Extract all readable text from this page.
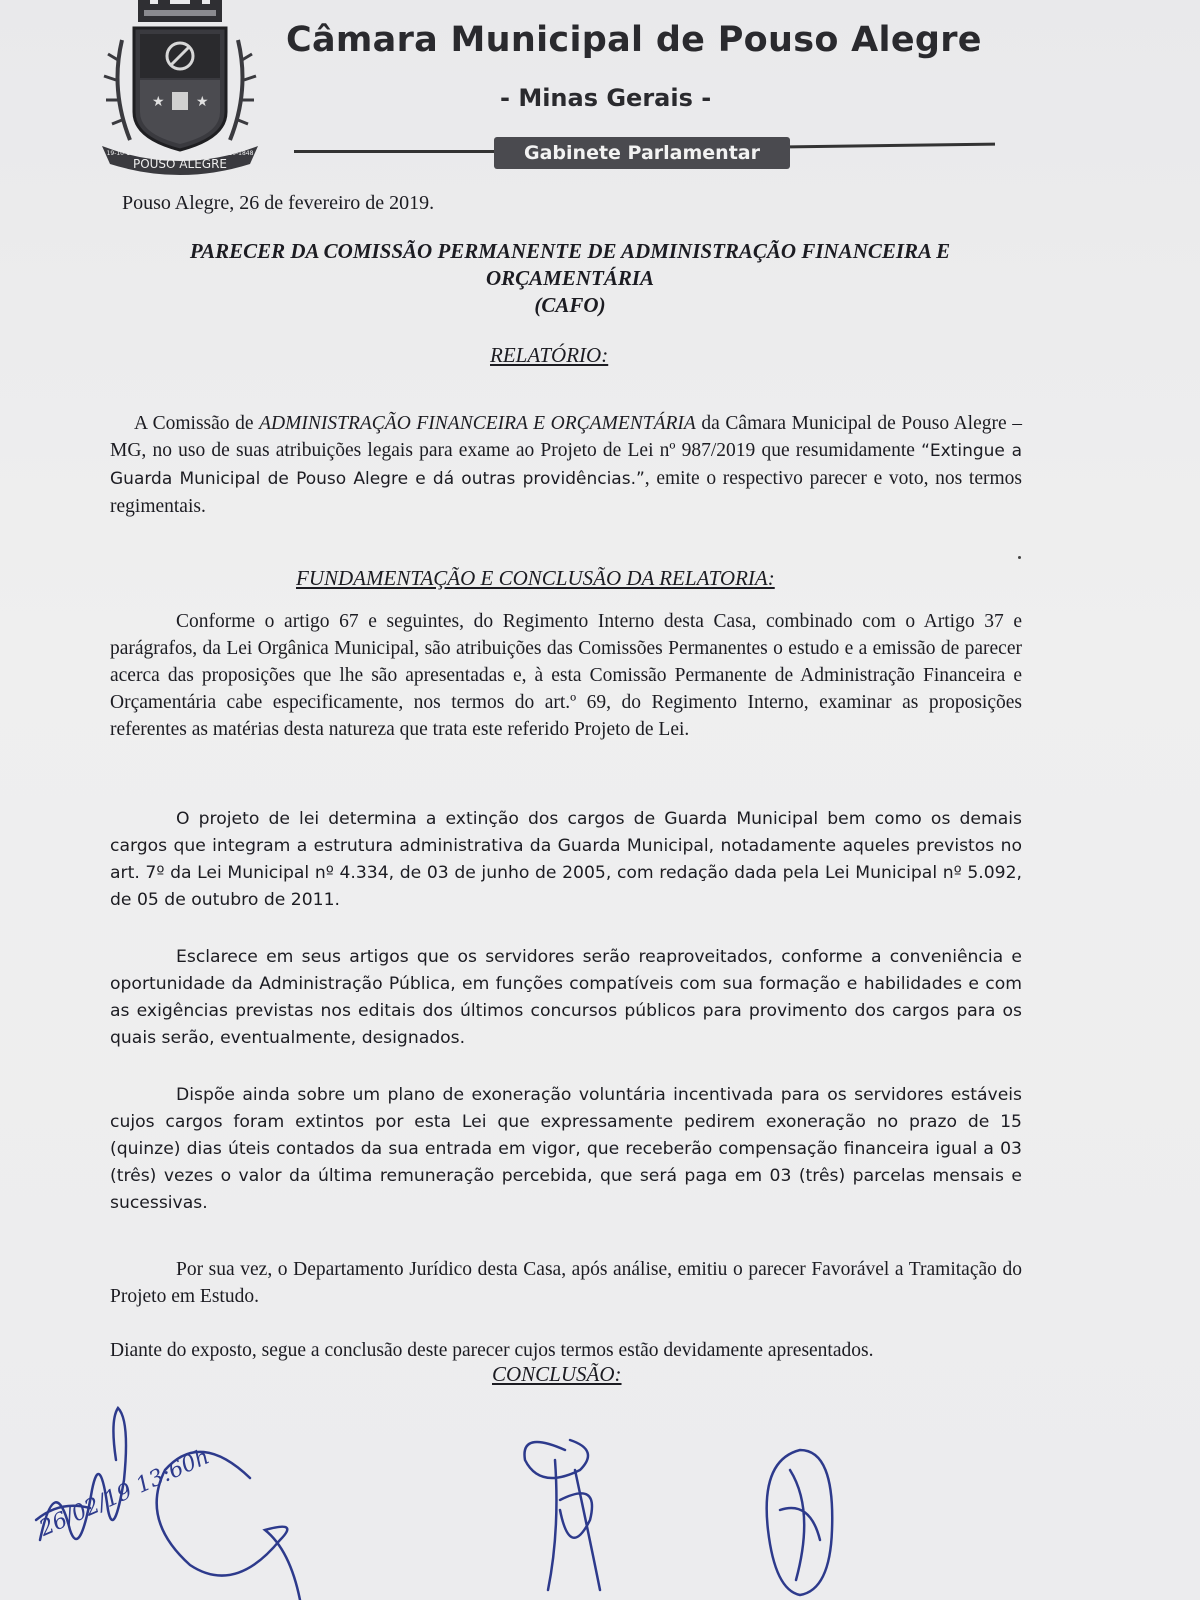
★ ★
POUSO ALEGRE
19-10-1831	19-10-1848
Câmara Municipal de Pouso Alegre
- Minas Gerais -
Gabinete Parlamentar
Pouso Alegre, 26 de fevereiro de 2019.
PARECER DA COMISSÃO PERMANENTE DE ADMINISTRAÇÃO FINANCEIRA E
ORÇAMENTÁRIA
(CAFO)
RELATÓRIO:
A Comissão de ADMINISTRAÇÃO FINANCEIRA E ORÇAMENTÁRIA da Câmara Municipal de Pouso Alegre – MG, no uso de suas atribuições legais para exame ao Projeto de Lei nº 987/2019 que resumidamente “Extingue a Guarda Municipal de Pouso Alegre e dá outras providências.”, emite o respectivo parecer e voto, nos termos regimentais.
FUNDAMENTAÇÃO E CONCLUSÃO DA RELATORIA:
Conforme o artigo 67 e seguintes, do Regimento Interno desta Casa, combinado com o Artigo 37 e parágrafos, da Lei Orgânica Municipal, são atribuições das Comissões Permanentes o estudo e a emissão de parecer acerca das proposições que lhe são apresentadas e, à esta Comissão Permanente de Administração Financeira e Orçamentária cabe especificamente, nos termos do art.º 69, do Regimento Interno, examinar as proposições referentes as matérias desta natureza que trata este referido Projeto de Lei.
O projeto de lei determina a extinção dos cargos de Guarda Municipal bem como os demais cargos que integram a estrutura administrativa da Guarda Municipal, notadamente aqueles previstos no art. 7º da Lei Municipal nº 4.334, de 03 de junho de 2005, com redação dada pela Lei Municipal nº 5.092, de 05 de outubro de 2011.
Esclarece em seus artigos que os servidores serão reaproveitados, conforme a conveniência e oportunidade da Administração Pública, em funções compatíveis com sua formação e habilidades e com as exigências previstas nos editais dos últimos concursos públicos para provimento dos cargos para os quais serão, eventualmente, designados.
Dispõe ainda sobre um plano de exoneração voluntária incentivada para os servidores estáveis cujos cargos foram extintos por esta Lei que expressamente pedirem exoneração no prazo de 15 (quinze) dias úteis contados da sua entrada em vigor, que receberão compensação financeira igual a 03 (três) vezes o valor da última remuneração percebida, que será paga em 03 (três) parcelas mensais e sucessivas.
Por sua vez, o Departamento Jurídico desta Casa, após análise, emitiu o parecer Favorável a Tramitação do Projeto em Estudo.
Diante do exposto, segue a conclusão deste parecer cujos termos estão devidamente apresentados.
CONCLUSÃO:
26/02/19 13:60h
